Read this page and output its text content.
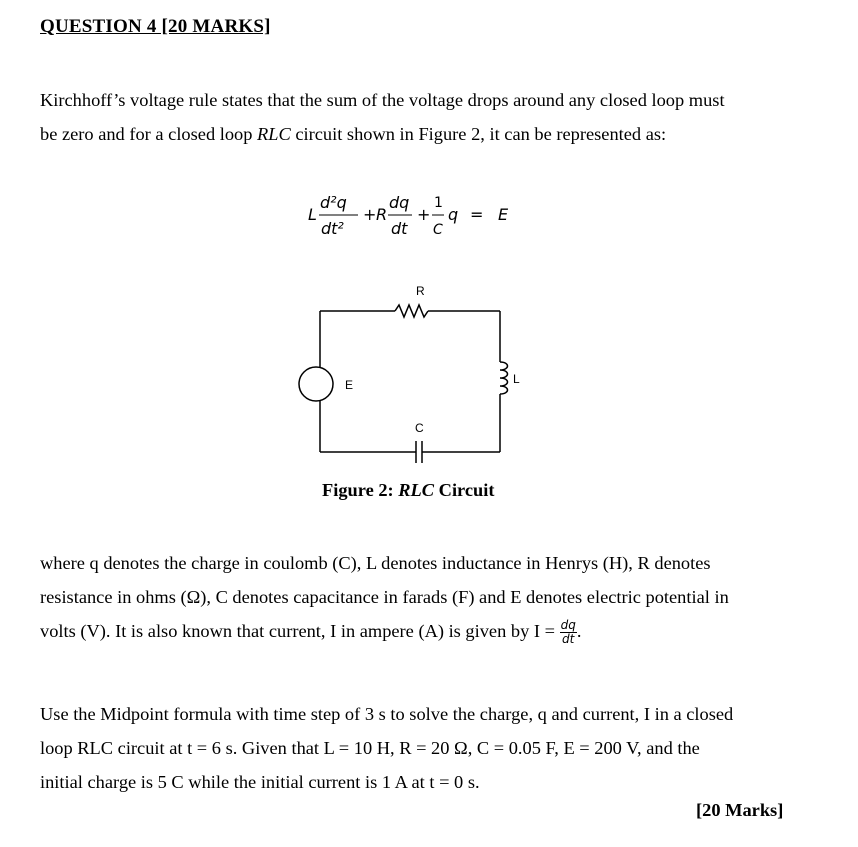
QUESTION 4 [20 MARKS]
Kirchhoff’s voltage rule states that the sum of the voltage drops around any closed loop must
be zero and for a closed loop RLC circuit shown in Figure 2, it can be represented as:
L
d²q
dt²
+ R
dq
dt
+
1
C
q = E
R
E	L
C
Figure 2: RLC Circuit
where q denotes the charge in coulomb (C), L denotes inductance in Henrys (H), R denotes
resistance in ohms (Ω), C denotes capacitance in farads (F) and E denotes electric potential in
volts (V). It is also known that current, I in ampere (A) is given by $I = \frac{dq}{dt}$ .
Use the Midpoint formula with time step of 3 s to solve the charge, q and current, I in a closed
loop RLC circuit at t = 6 s. Given that L = 10 H, R = 20 Ω, C = 0.05 F, E = 200 V, and the
initial charge is 5 C while the initial current is 1 A at t = 0 s.
[20 Marks]
